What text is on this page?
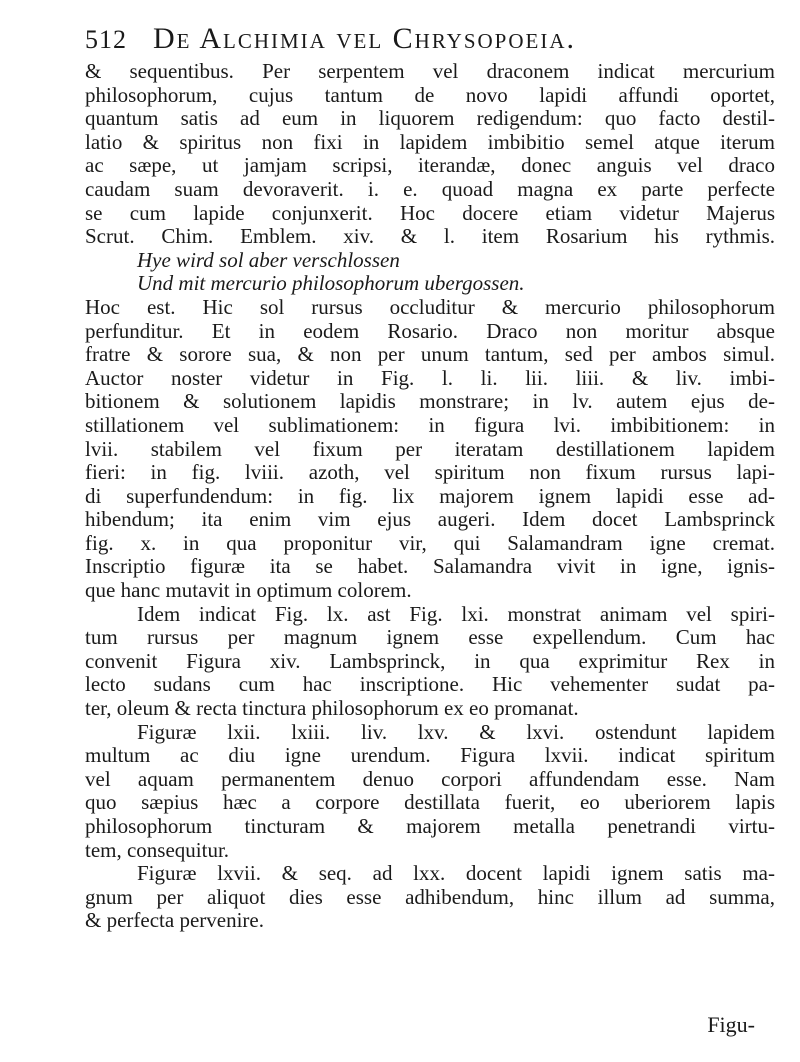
512 De Alchimia vel Chrysopoeia.
& sequentibus. Per serpentem vel draconem indicat mercurium
philosophorum, cujus tantum de novo lapidi affundi oportet,
quantum satis ad eum in liquorem redigendum: quo facto destil-
latio & spiritus non fixi in lapidem imbibitio semel atque iterum
ac sæpe, ut jamjam scripsi, iterandæ, donec anguis vel draco
caudam suam devoraverit. i. e. quoad magna ex parte perfecte
se cum lapide conjunxerit. Hoc docere etiam videtur Majerus
Scrut. Chim. Emblem. xiv. & l. item Rosarium his rythmis.
Hye wird sol aber verschlossen
Und mit mercurio philosophorum ubergossen.
Hoc est. Hic sol rursus occluditur & mercurio philosophorum
perfunditur. Et in eodem Rosario. Draco non moritur absque
fratre & sorore sua, & non per unum tantum, sed per ambos simul.
Auctor noster videtur in Fig. l. li. lii. liii. & liv. imbi-
bitionem & solutionem lapidis monstrare; in lv. autem ejus de-
stillationem vel sublimationem: in figura lvi. imbibitionem: in
lvii. stabilem vel fixum per iteratam destillationem lapidem
fieri: in fig. lviii. azoth, vel spiritum non fixum rursus lapi-
di superfundendum: in fig. lix majorem ignem lapidi esse ad-
hibendum; ita enim vim ejus augeri. Idem docet Lambsprinck
fig. x. in qua proponitur vir, qui Salamandram igne cremat.
Inscriptio figuræ ita se habet. Salamandra vivit in igne, ignis-
que hanc mutavit in optimum colorem.
Idem indicat Fig. lx. ast Fig. lxi. monstrat animam vel spiri-
tum rursus per magnum ignem esse expellendum. Cum hac
convenit Figura xiv. Lambsprinck, in qua exprimitur Rex in
lecto sudans cum hac inscriptione. Hic vehementer sudat pa-
ter, oleum & recta tinctura philosophorum ex eo promanat.
Figuræ lxii. lxiii. liv. lxv. & lxvi. ostendunt lapidem
multum ac diu igne urendum. Figura lxvii. indicat spiritum
vel aquam permanentem denuo corpori affundendam esse. Nam
quo sæpius hæc a corpore destillata fuerit, eo uberiorem lapis
philosophorum tincturam & majorem metalla penetrandi virtu-
tem, consequitur.
Figuræ lxvii. & seq. ad lxx. docent lapidi ignem satis ma-
gnum per aliquot dies esse adhibendum, hinc illum ad summa,
& perfecta pervenire.
Figu-
